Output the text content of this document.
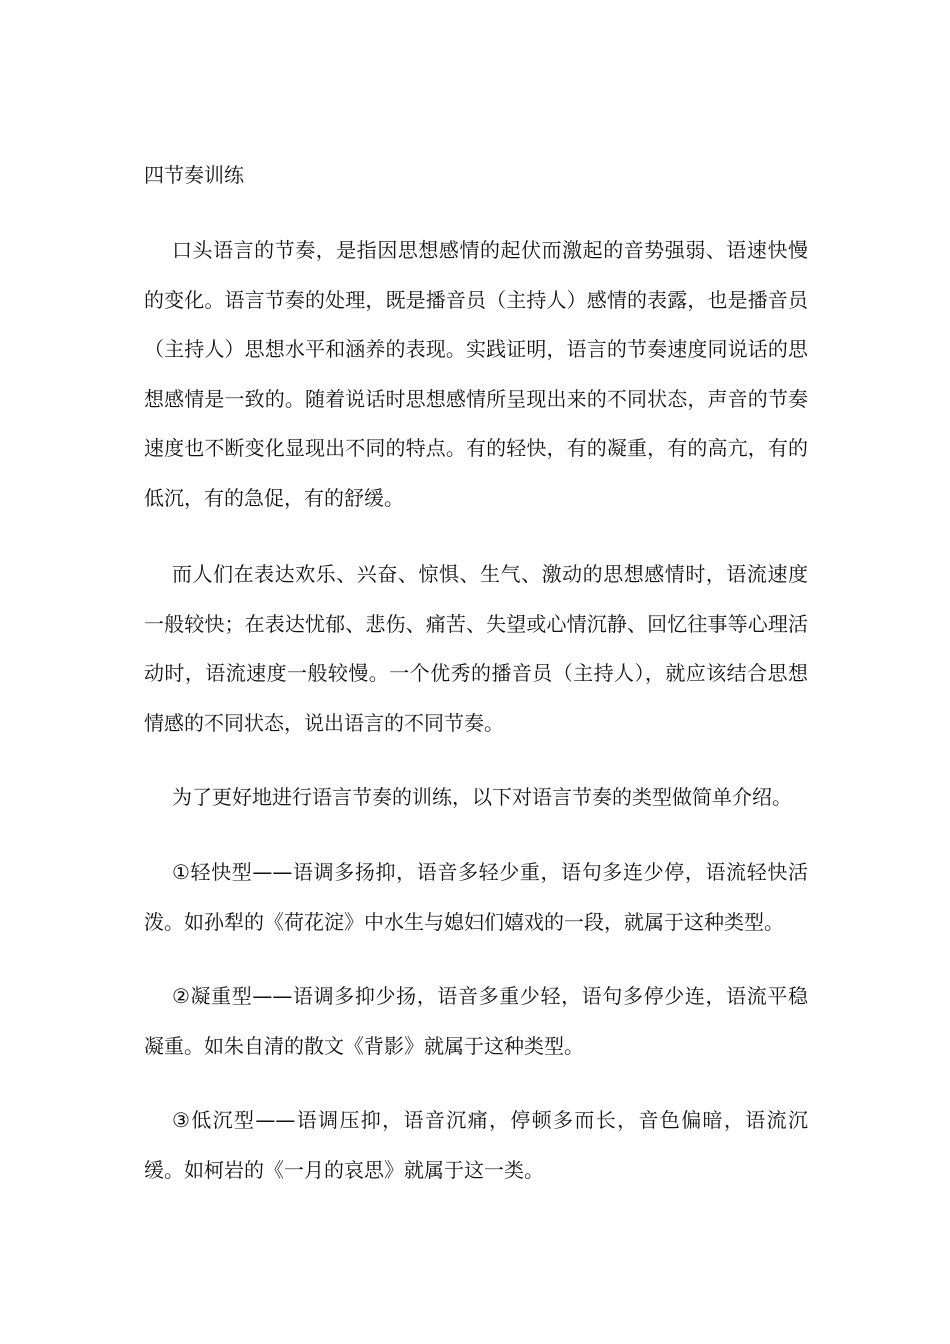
四节奏训练

口头语言的节奏，是指因思想感情的起伏而激起的音势强弱、语速快慢的变化。语言节奏的处理，既是播音员（主持人）感情的表露，也是播音员（主持人）思想水平和涵养的表现。实践证明，语言的节奏速度同说话的思想感情是一致的。随着说话时思想感情所呈现出来的不同状态，声音的节奏速度也不断变化显现出不同的特点。有的轻快，有的凝重，有的高亢，有的低沉，有的急促，有的舒缓。

而人们在表达欢乐、兴奋、惊惧、生气、激动的思想感情时，语流速度一般较快；在表达忧郁、悲伤、痛苦、失望或心情沉静、回忆往事等心理活动时，语流速度一般较慢。一个优秀的播音员（主持人），就应该结合思想情感的不同状态，说出语言的不同节奏。

为了更好地进行语言节奏的训练，以下对语言节奏的类型做简单介绍。

①轻快型——语调多扬抑，语音多轻少重，语句多连少停，语流轻快活泼。如孙犁的《荷花淀》中水生与媳妇们嬉戏的一段，就属于这种类型。

②凝重型——语调多抑少扬，语音多重少轻，语句多停少连，语流平稳凝重。如朱自清的散文《背影》就属于这种类型。

③低沉型——语调压抑，语音沉痛，停顿多而长，音色偏暗，语流沉缓。如柯岩的《一月的哀思》就属于这一类。
